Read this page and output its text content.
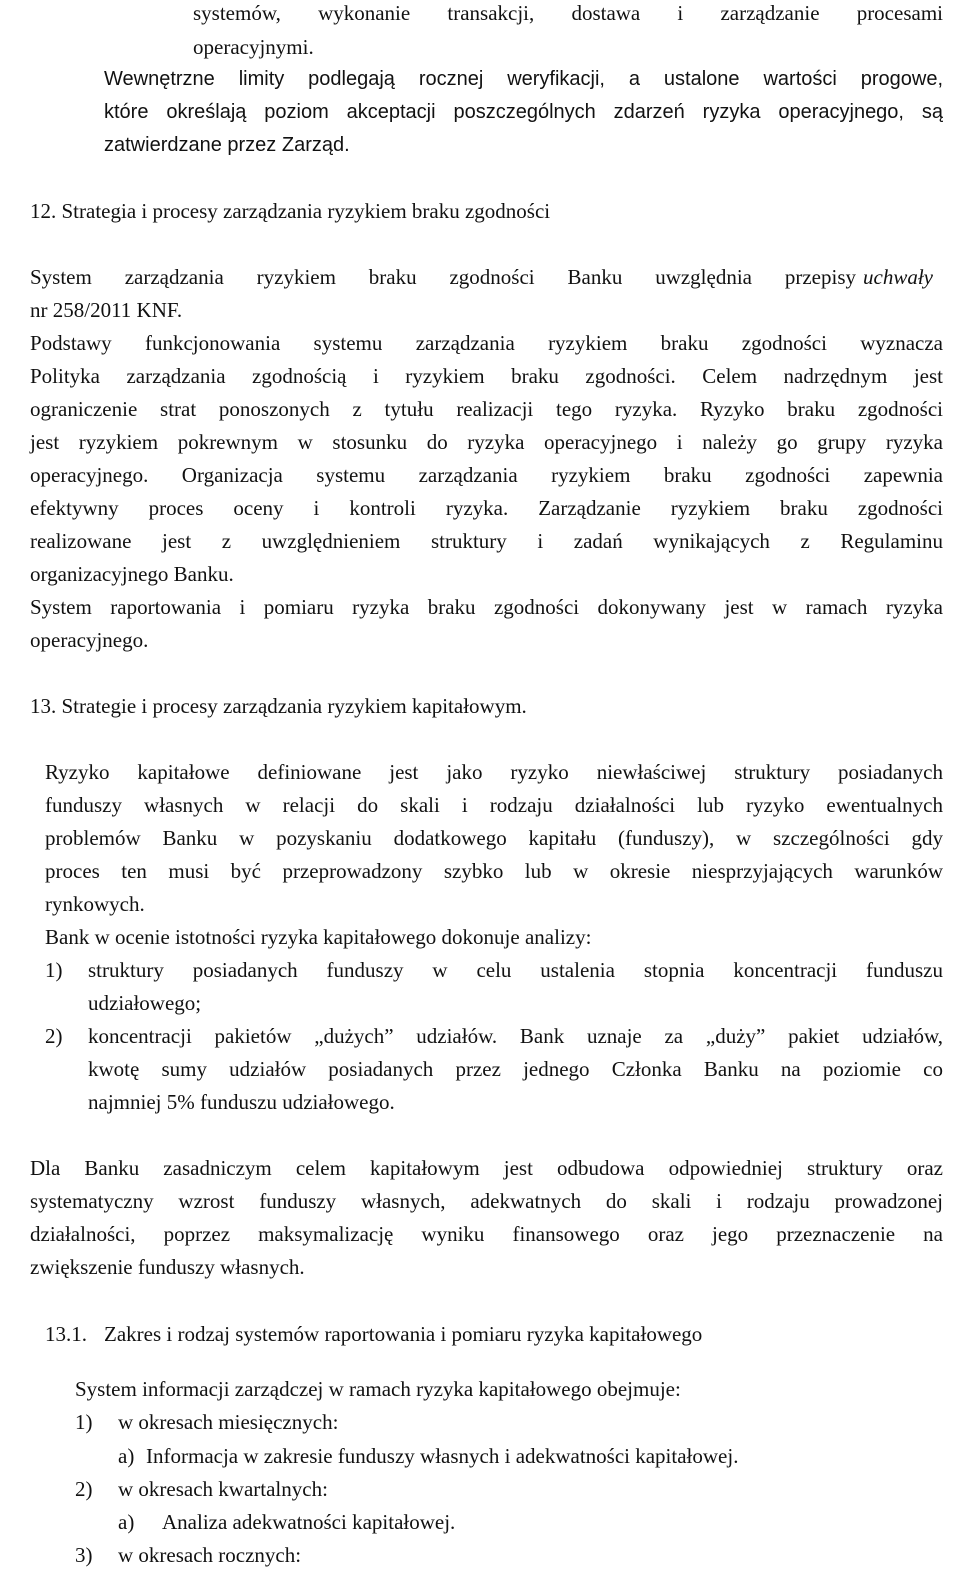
systemów, wykonanie transakcji, dostawa i zarządzanie procesami

operacyjnymi.

Wewnętrzne limity podlegają rocznej weryfikacji, a ustalone wartości progowe,

które określają poziom akceptacji poszczególnych zdarzeń ryzyka operacyjnego, są

zatwierdzane przez Zarząd.

12. Strategia i procesy zarządzania ryzykiem braku zgodności

System zarządzania ryzykiem braku zgodności Banku uwzględnia przepisy uchwały

nr 258/2011 KNF.

Podstawy funkcjonowania systemu zarządzania ryzykiem braku zgodności wyznacza

Polityka zarządzania zgodnością i ryzykiem braku zgodności. Celem nadrzędnym jest

ograniczenie strat ponoszonych z tytułu realizacji tego ryzyka. Ryzyko braku zgodności

jest ryzykiem pokrewnym w stosunku do ryzyka operacyjnego i należy go grupy ryzyka

operacyjnego. Organizacja systemu zarządzania ryzykiem braku zgodności zapewnia

efektywny proces oceny i kontroli ryzyka. Zarządzanie ryzykiem braku zgodności

realizowane jest z uwzględnieniem struktury i zadań wynikających z Regulaminu

organizacyjnego Banku.

System raportowania i pomiaru ryzyka braku zgodności dokonywany jest w ramach ryzyka

operacyjnego.

13. Strategie i procesy zarządzania ryzykiem kapitałowym.

Ryzyko kapitałowe definiowane jest jako ryzyko niewłaściwej struktury posiadanych

funduszy własnych w relacji do skali i rodzaju działalności lub ryzyko ewentualnych

problemów Banku w pozyskaniu dodatkowego kapitału (funduszy), w szczególności gdy

proces ten musi być przeprowadzony szybko lub w okresie niesprzyjających warunków

rynkowych.

Bank w ocenie istotności ryzyka kapitałowego dokonuje analizy:

1) struktury posiadanych funduszy w celu ustalenia stopnia koncentracji funduszu

udziałowego;

2) koncentracji pakietów „dużych” udziałów. Bank uznaje za „duży” pakiet udziałów,

kwotę sumy udziałów posiadanych przez jednego Członka Banku na poziomie co

najmniej 5% funduszu udziałowego.

Dla Banku zasadniczym celem kapitałowym jest odbudowa odpowiedniej struktury oraz

systematyczny wzrost funduszy własnych, adekwatnych do skali i rodzaju prowadzonej

działalności, poprzez maksymalizację wyniku finansowego oraz jego przeznaczenie na

zwiększenie funduszy własnych.

13.1. Zakres i rodzaj systemów raportowania i pomiaru ryzyka kapitałowego

System informacji zarządczej w ramach ryzyka kapitałowego obejmuje:

1) w okresach miesięcznych:

a) Informacja w zakresie funduszy własnych i adekwatności kapitałowej.

2) w okresach kwartalnych:

a) Analiza adekwatności kapitałowej.

3) w okresach rocznych:
